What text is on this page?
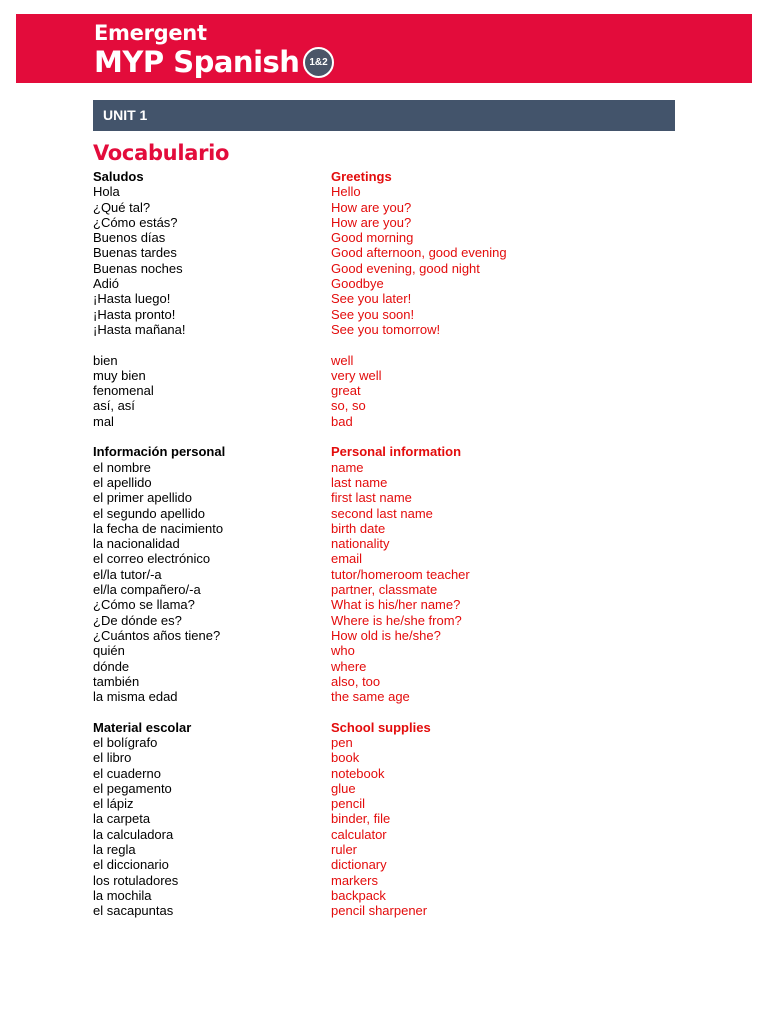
Emergent
MYP Spanish 1&2
UNIT 1
Vocabulario
Saludos	Greetings
Hola	Hello
¿Qué tal?	How are you?
¿Cómo estás?	How are you?
Buenos días	Good morning
Buenas tardes	Good afternoon, good evening
Buenas noches	Good evening, good night
Adió	Goodbye
¡Hasta luego!	See you later!
¡Hasta pronto!	See you soon!
¡Hasta mañana!	See you tomorrow!
bien	well
muy bien	very well
fenomenal	great
así, así	so, so
mal	bad
Información personal	Personal information
el nombre	name
el apellido	last name
el primer apellido	first last name
el segundo apellido	second last name
la fecha de nacimiento	birth date
la nacionalidad	nationality
el correo electrónico	email
el/la tutor/-a	tutor/homeroom teacher
el/la compañero/-a	partner, classmate
¿Cómo se llama?	What is his/her name?
¿De dónde es?	Where is he/she from?
¿Cuántos años tiene?	How old is he/she?
quién	who
dónde	where
también	also, too
la misma edad	the same age
Material escolar	School supplies
el bolígrafo	pen
el libro	book
el cuaderno	notebook
el pegamento	glue
el lápiz	pencil
la carpeta	binder, file
la calculadora	calculator
la regla	ruler
el diccionario	dictionary
los rotuladores	markers
la mochila	backpack
el sacapuntas	pencil sharpener
